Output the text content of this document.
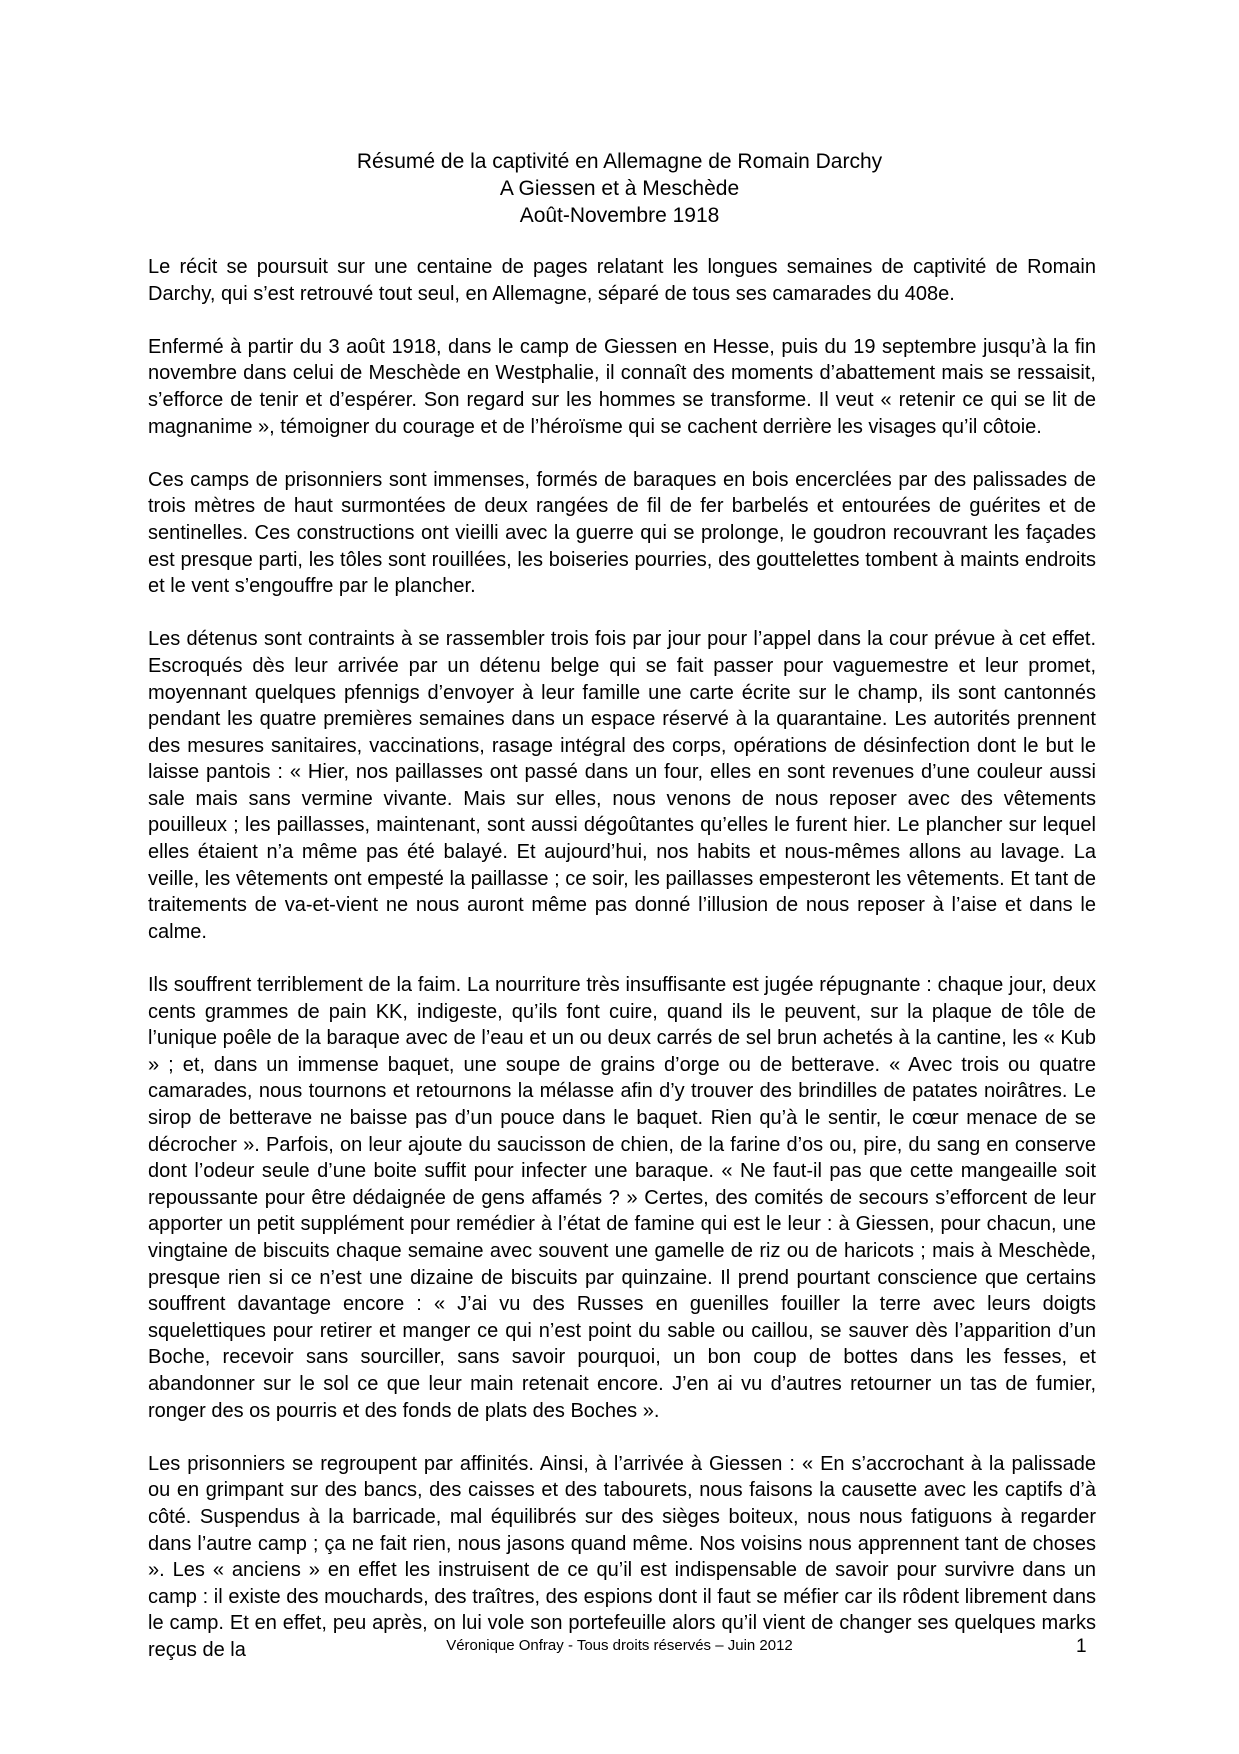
Résumé de la captivité en Allemagne de Romain Darchy
A Giessen et à Meschède
Août-Novembre 1918

Le récit se poursuit sur une centaine de pages relatant les longues semaines de captivité de Romain Darchy, qui s’est retrouvé tout seul, en Allemagne, séparé de tous ses camarades du 408e.

Enfermé à partir du 3 août 1918, dans le camp de Giessen en Hesse, puis du 19 septembre jusqu’à la fin novembre dans celui de Meschède en Westphalie, il connaît des moments d’abattement mais se ressaisit, s’efforce de tenir et d’espérer. Son regard sur les hommes se transforme. Il veut « retenir ce qui se lit de magnanime », témoigner du courage et de l’héroïsme qui se cachent derrière les visages qu’il côtoie.

Ces camps de prisonniers sont immenses, formés de baraques en bois encerclées par des palissades de trois mètres de haut surmontées de deux rangées de fil de fer barbelés et entourées de guérites et de sentinelles. Ces constructions ont vieilli avec la guerre qui se prolonge, le goudron recouvrant les façades est presque parti, les tôles sont rouillées, les boiseries pourries, des gouttelettes tombent à maints endroits et le vent s’engouffre par le plancher.

Les détenus sont contraints à se rassembler trois fois par jour pour l’appel dans la cour prévue à cet effet. Escroqués dès leur arrivée par un détenu belge qui se fait passer pour vaguemestre et leur promet, moyennant quelques pfennigs d’envoyer à leur famille une carte écrite sur le champ, ils sont cantonnés pendant les quatre premières semaines dans un espace réservé à la quarantaine. Les autorités prennent des mesures sanitaires, vaccinations, rasage intégral des corps, opérations de désinfection dont le but le laisse pantois : « Hier, nos paillasses ont passé dans un four, elles en sont revenues d’une couleur aussi sale mais sans vermine vivante. Mais sur elles, nous venons de nous reposer avec des vêtements pouilleux ; les paillasses, maintenant, sont aussi dégoûtantes qu’elles le furent hier. Le plancher sur lequel elles étaient n’a même pas été balayé. Et aujourd’hui, nos habits et nous-mêmes allons au lavage. La veille, les vêtements ont empesté la paillasse ; ce soir, les paillasses empesteront les vêtements. Et tant de traitements de va-et-vient ne nous auront même pas donné l’illusion de nous reposer à l’aise et dans le calme.

Ils souffrent terriblement de la faim. La nourriture très insuffisante est jugée répugnante : chaque jour, deux cents grammes de pain KK, indigeste, qu’ils font cuire, quand ils le peuvent, sur la plaque de tôle de l’unique poêle de la baraque avec de l’eau et un ou deux carrés de sel brun achetés à la cantine, les « Kub » ; et, dans un immense baquet, une soupe de grains d’orge ou de betterave. « Avec trois ou quatre camarades, nous tournons et retournons la mélasse afin d’y trouver des brindilles de patates noirâtres. Le sirop de betterave ne baisse pas d’un pouce dans le baquet. Rien qu’à le sentir, le cœur menace de se décrocher ». Parfois, on leur ajoute du saucisson de chien, de la farine d’os ou, pire, du sang en conserve dont l’odeur seule d’une boite suffit pour infecter une baraque. « Ne faut-il pas que cette mangeaille soit repoussante pour être dédaignée de gens affamés ? » Certes, des comités de secours s’efforcent de leur apporter un petit supplément pour remédier à l’état de famine qui est le leur : à Giessen, pour chacun, une vingtaine de biscuits chaque semaine avec souvent une gamelle de riz ou de haricots ; mais à Meschède, presque rien si ce n’est une dizaine de biscuits par quinzaine. Il prend pourtant conscience que certains souffrent davantage encore : « J’ai vu des Russes en guenilles fouiller la terre avec leurs doigts squelettiques pour retirer et manger ce qui n’est point du sable ou caillou, se sauver dès l’apparition d’un Boche, recevoir sans sourciller, sans savoir pourquoi, un bon coup de bottes dans les fesses, et abandonner sur le sol ce que leur main retenait encore. J’en ai vu d’autres retourner un tas de fumier, ronger des os pourris et des fonds de plats des Boches ».

Les prisonniers se regroupent par affinités. Ainsi, à l’arrivée à Giessen : « En s’accrochant à la palissade ou en grimpant sur des bancs, des caisses et des tabourets, nous faisons la causette avec les captifs d’à côté. Suspendus à la barricade, mal équilibrés sur des sièges boiteux, nous nous fatiguons à regarder dans l’autre camp ; ça ne fait rien, nous jasons quand même. Nos voisins nous apprennent tant de choses ». Les « anciens » en effet les instruisent de ce qu’il est indispensable de savoir pour survivre dans un camp : il existe des mouchards, des traîtres, des espions dont il faut se méfier car ils rôdent librement dans le camp. Et en effet, peu après, on lui vole son portefeuille alors qu’il vient de changer ses quelques marks reçus de la	Véronique Onfray - Tous droits réservés – Juin 2012	1
